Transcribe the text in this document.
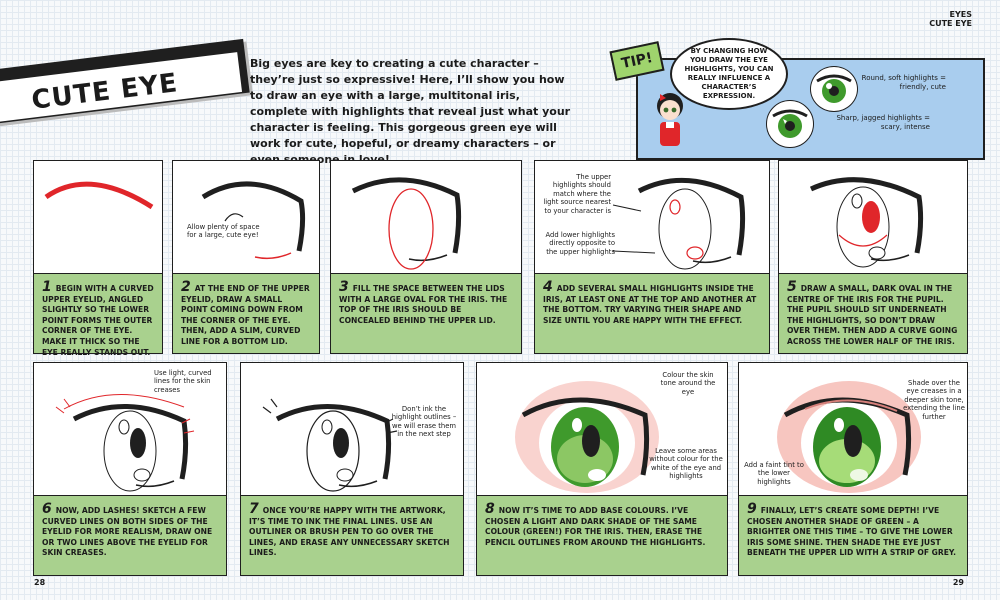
EYES
CUTE EYE
CUTE EYE
Big eyes are key to creating a cute character – they’re just so expressive! Here, I’ll show you how to draw an eye with a large, multitonal iris, complete with highlights that reveal just what your character is feeling. This gorgeous green eye will work for cute, hopeful, or dreamy characters – or
BY CHANGING HOW YOU DRAW THE EYE HIGHLIGHTS, YOU CAN REALLY INFLUENCE A CHARACTER’S EXPRESSION.
TIP!
Round, soft highlights = friendly, cute
Sharp, jagged highlights = scary, intense
1 BEGIN WITH A CURVED UPPER EYELID, ANGLED SLIGHTLY SO THE LOWER POINT FORMS THE OUTER CORNER OF THE EYE. MAKE IT THICK SO THE EYE REALLY STANDS OUT.
Allow plenty of space for a large, cute eye!
2 AT THE END OF THE UPPER EYELID, DRAW A SMALL POINT COMING DOWN FROM THE CORNER OF THE EYE. THEN, ADD A SLIM, CURVED LINE FOR A BOTTOM LID.
3 FILL THE SPACE BETWEEN THE LIDS WITH A LARGE OVAL FOR THE IRIS. THE TOP OF THE IRIS SHOULD BE CONCEALED BEHIND THE UPPER LID.
The upper highlights should match where the light source nearest to your character is
Add lower highlights directly opposite to the upper highlights
4 ADD SEVERAL SMALL HIGHLIGHTS INSIDE THE IRIS, AT LEAST ONE AT THE TOP AND ANOTHER AT THE BOTTOM. TRY VARYING THEIR SHAPE AND SIZE UNTIL YOU ARE HAPPY WITH THE EFFECT.
5 DRAW A SMALL, DARK OVAL IN THE CENTRE OF THE IRIS FOR THE PUPIL. THE PUPIL SHOULD SIT UNDERNEATH THE HIGHLIGHTS, SO DON’T DRAW OVER THEM. THEN ADD A CURVE GOING ACROSS THE LOWER HALF OF THE IRIS.
Use light, curved lines for the skin creases
6 NOW, ADD LASHES! SKETCH A FEW CURVED LINES ON BOTH SIDES OF THE EYELID FOR MORE REALISM, DRAW ONE OR TWO LINES ABOVE THE EYELID FOR SKIN CREASES.
Don’t ink the highlight outlines – we will erase them in the next step
7 ONCE YOU’RE HAPPY WITH THE ARTWORK, IT’S TIME TO INK THE FINAL LINES. USE AN OUTLINER OR BRUSH PEN TO GO OVER THE LINES, AND ERASE ANY UNNECESSARY SKETCH LINES.
Colour the skin tone around the eye
Leave some areas without colour for the white of the eye and highlights
8 NOW IT’S TIME TO ADD BASE COLOURS. I’VE CHOSEN A LIGHT AND DARK SHADE OF THE SAME COLOUR (GREEN!) FOR THE IRIS. THEN, ERASE THE PENCIL OUTLINES FROM AROUND THE HIGHLIGHTS.
Shade over the eye creases in a deeper skin tone, extending the line further
Add a faint tint to the lower highlights
9 FINALLY, LET’S CREATE SOME DEPTH! I’VE CHOSEN ANOTHER SHADE OF GREEN – A BRIGHTER ONE THIS TIME – TO GIVE THE LOWER IRIS SOME SHINE. THEN SHADE THE EYE JUST BENEATH THE UPPER LID WITH A STRIP OF GREY.
28	29
